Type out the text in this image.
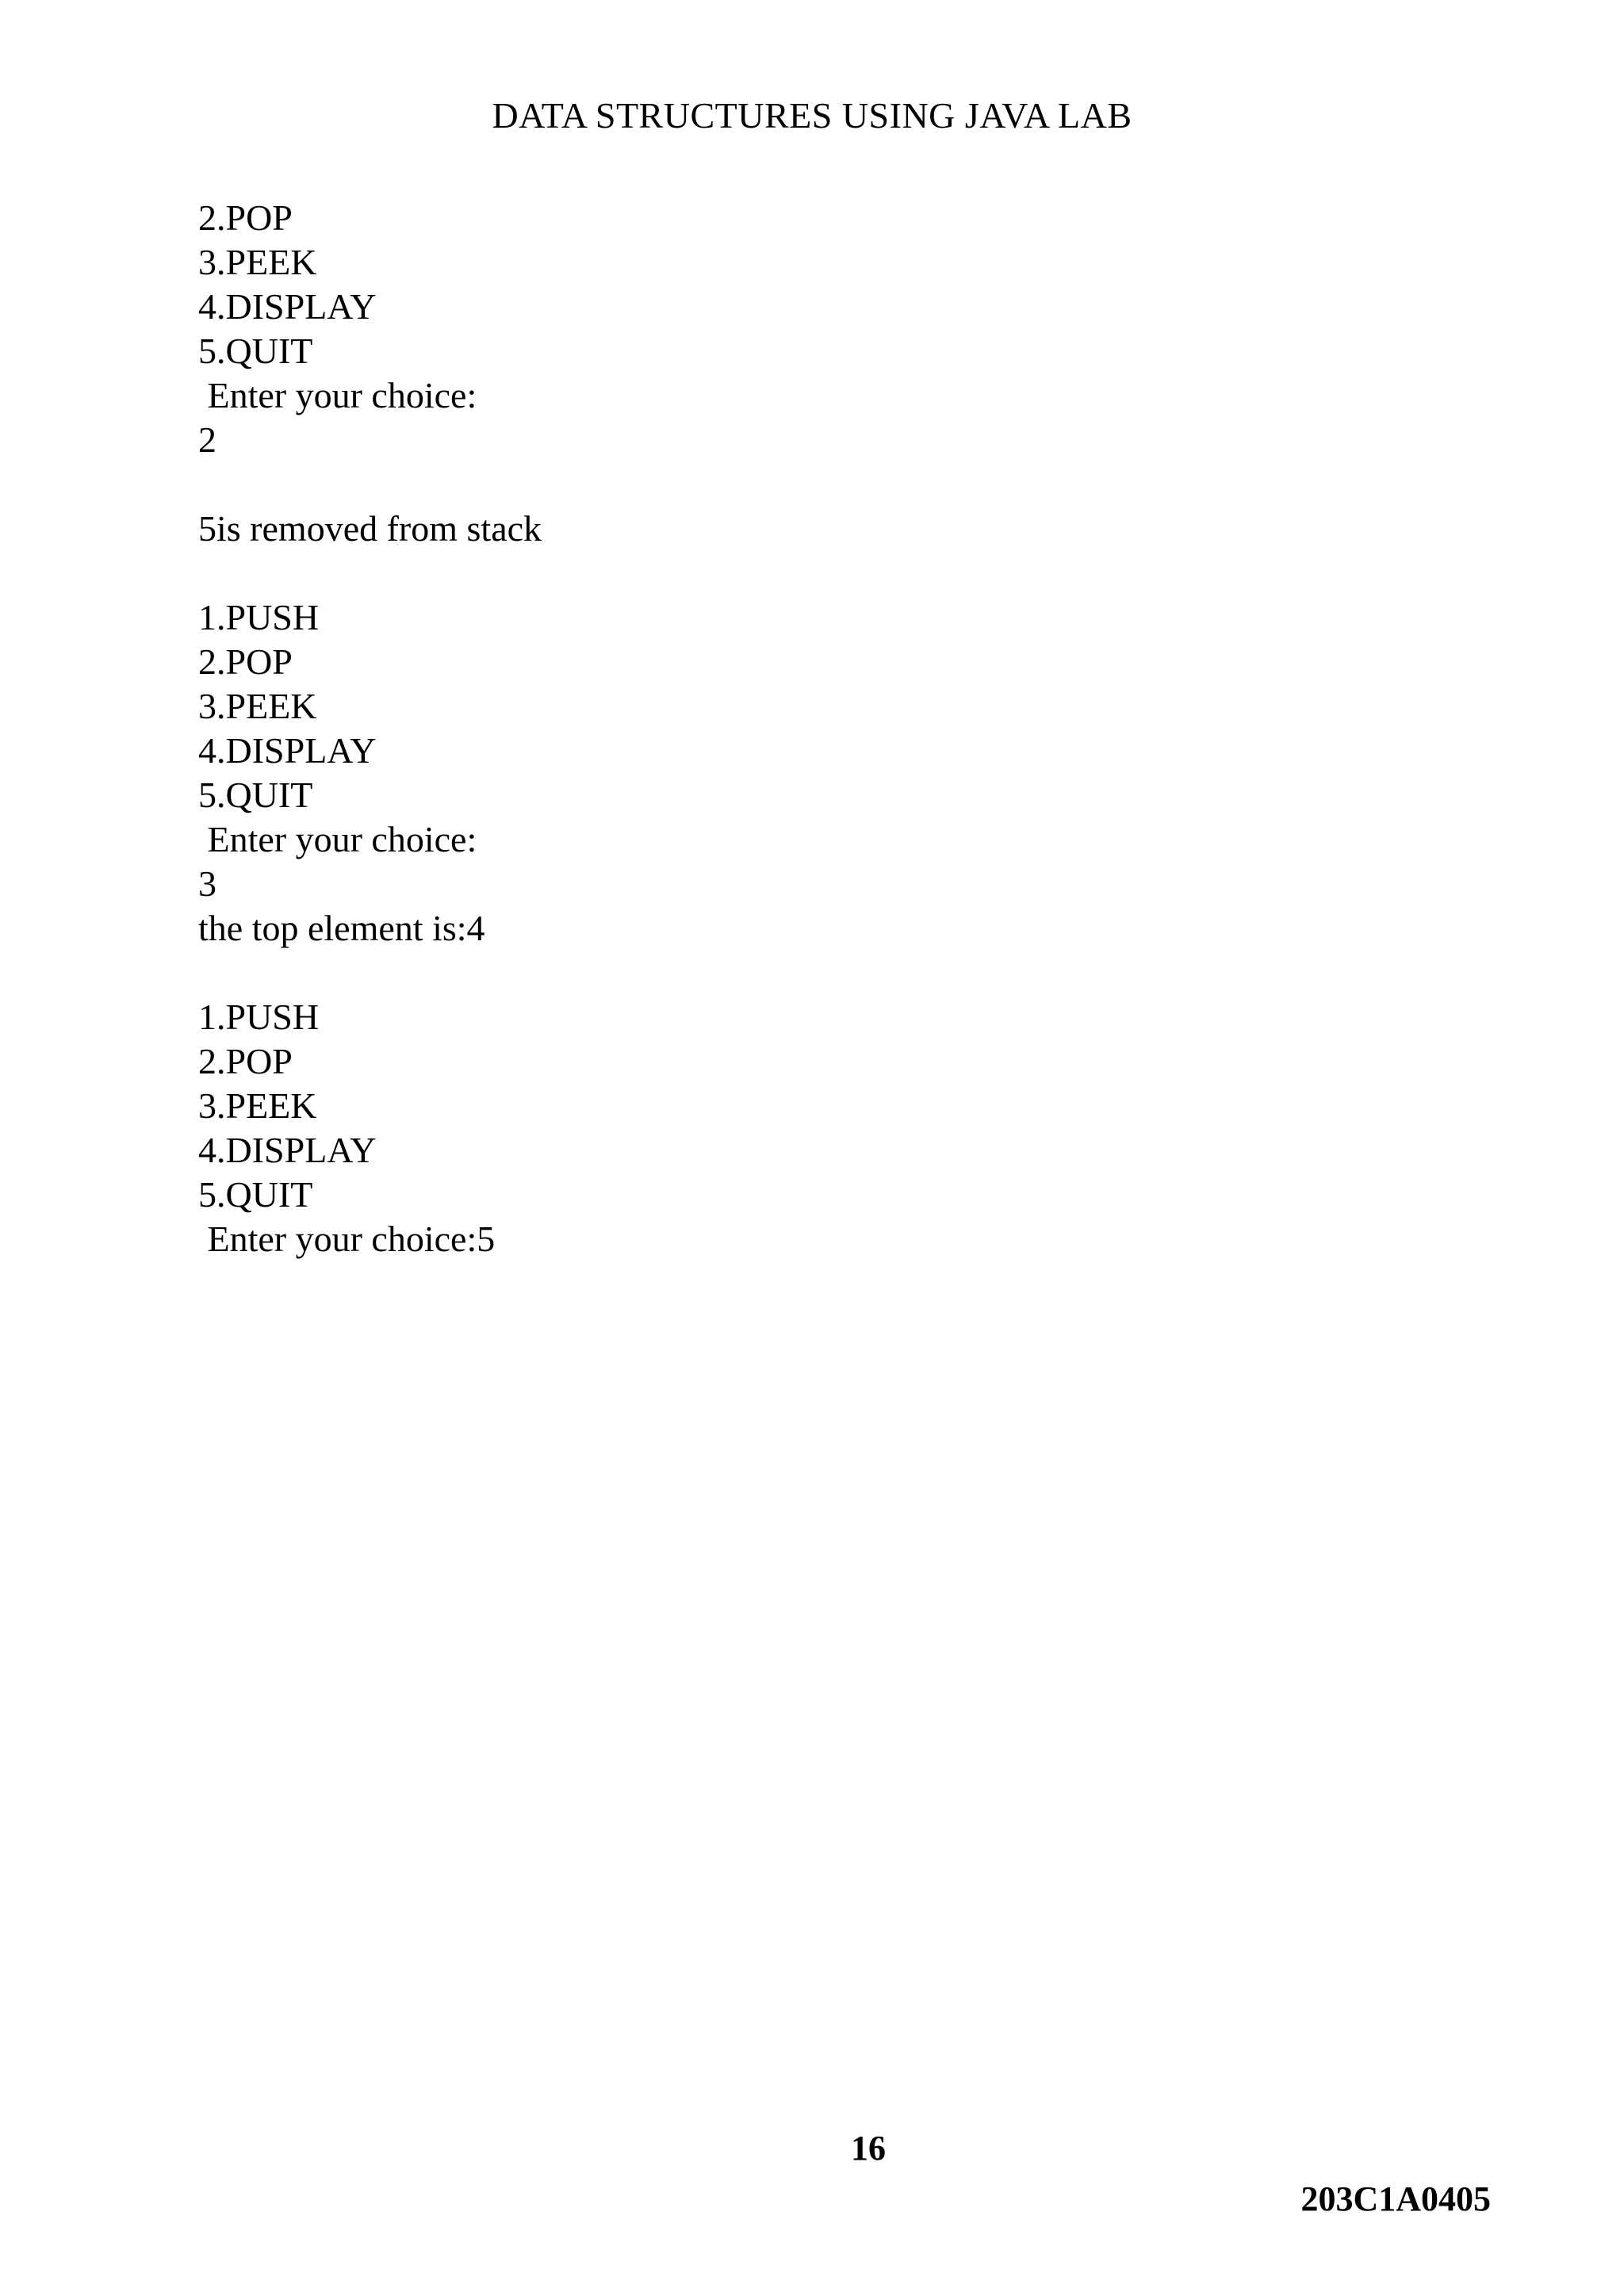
DATA STRUCTURES USING JAVA LAB
2.POP
3.PEEK
4.DISPLAY
5.QUIT
Enter your choice:
2
5is removed from stack
1.PUSH
2.POP
3.PEEK
4.DISPLAY
5.QUIT
Enter your choice:
3
the top element is:4
1.PUSH
2.POP
3.PEEK
4.DISPLAY
5.QUIT
Enter your choice:5
16
203C1A0405
